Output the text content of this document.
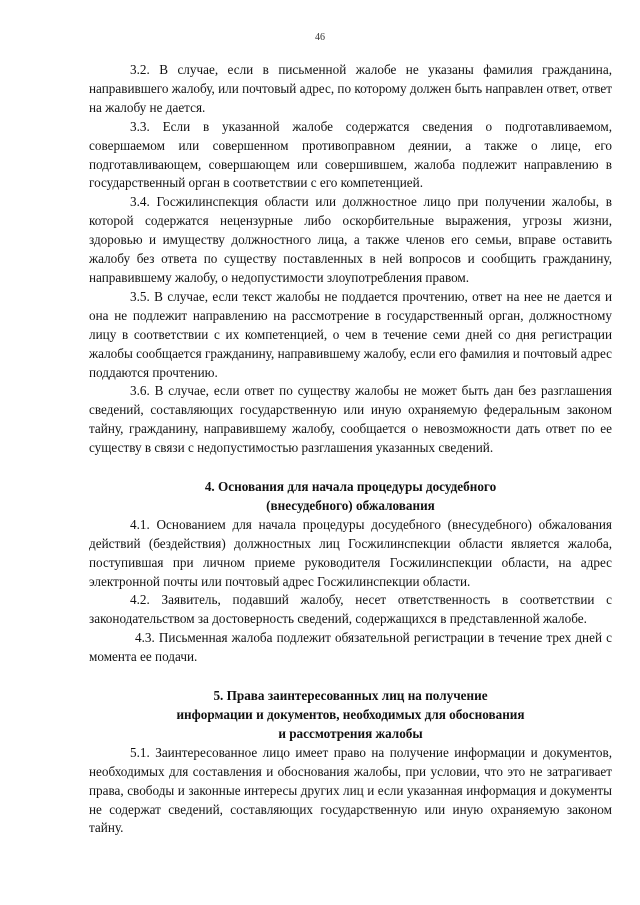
46

3.2. В случае, если в письменной жалобе не указаны фамилия гражданина, направившего жалобу, или почтовый адрес, по которому должен быть направлен ответ, ответ на жалобу не дается.

3.3. Если в указанной жалобе содержатся сведения о подготавливаемом, совершаемом или совершенном противоправном деянии, а также о лице, его подготавливающем, совершающем или совершившем, жалоба подлежит направлению в государственный орган в соответствии с его компетенцией.

3.4. Госжилинспекция области или должностное лицо при получении жалобы, в которой содержатся нецензурные либо оскорбительные выражения, угрозы жизни, здоровью и имуществу должностного лица, а также членов его семьи, вправе оставить жалобу без ответа по существу поставленных в ней вопросов и сообщить гражданину, направившему жалобу, о недопустимости злоупотребления правом.

3.5. В случае, если текст жалобы не поддается прочтению, ответ на нее не дается и она не подлежит направлению на рассмотрение в государственный орган, должностному лицу в соответствии с их компетенцией, о чем в течение семи дней со дня регистрации жалобы сообщается гражданину, направившему жалобу, если его фамилия и почтовый адрес поддаются прочтению.

3.6. В случае, если ответ по существу жалобы не может быть дан без разглашения сведений, составляющих государственную или иную охраняемую федеральным законом тайну, гражданину, направившему жалобу, сообщается о невозможности дать ответ по ее существу в связи с недопустимостью разглашения указанных сведений.

4. Основания для начала процедуры досудебного
(внесудебного) обжалования

4.1. Основанием для начала процедуры досудебного (внесудебного) обжалования действий (бездействия) должностных лиц Госжилинспекции области является жалоба, поступившая при личном приеме руководителя Госжилинспекции области, на адрес электронной почты или почтовый адрес Госжилинспекции области.

4.2. Заявитель, подавший жалобу, несет ответственность в соответствии с законодательством за достоверность сведений, содержащихся в представленной жалобе.

4.3. Письменная жалоба подлежит обязательной регистрации в течение трех дней с момента ее подачи.

5. Права заинтересованных лиц на получение
информации и документов, необходимых для обоснования
и рассмотрения жалобы

5.1. Заинтересованное лицо имеет право на получение информации и документов, необходимых для составления и обоснования жалобы, при условии, что это не затрагивает права, свободы и законные интересы других лиц и если указанная информация и документы не содержат сведений, составляющих государственную или иную охраняемую законом тайну.
